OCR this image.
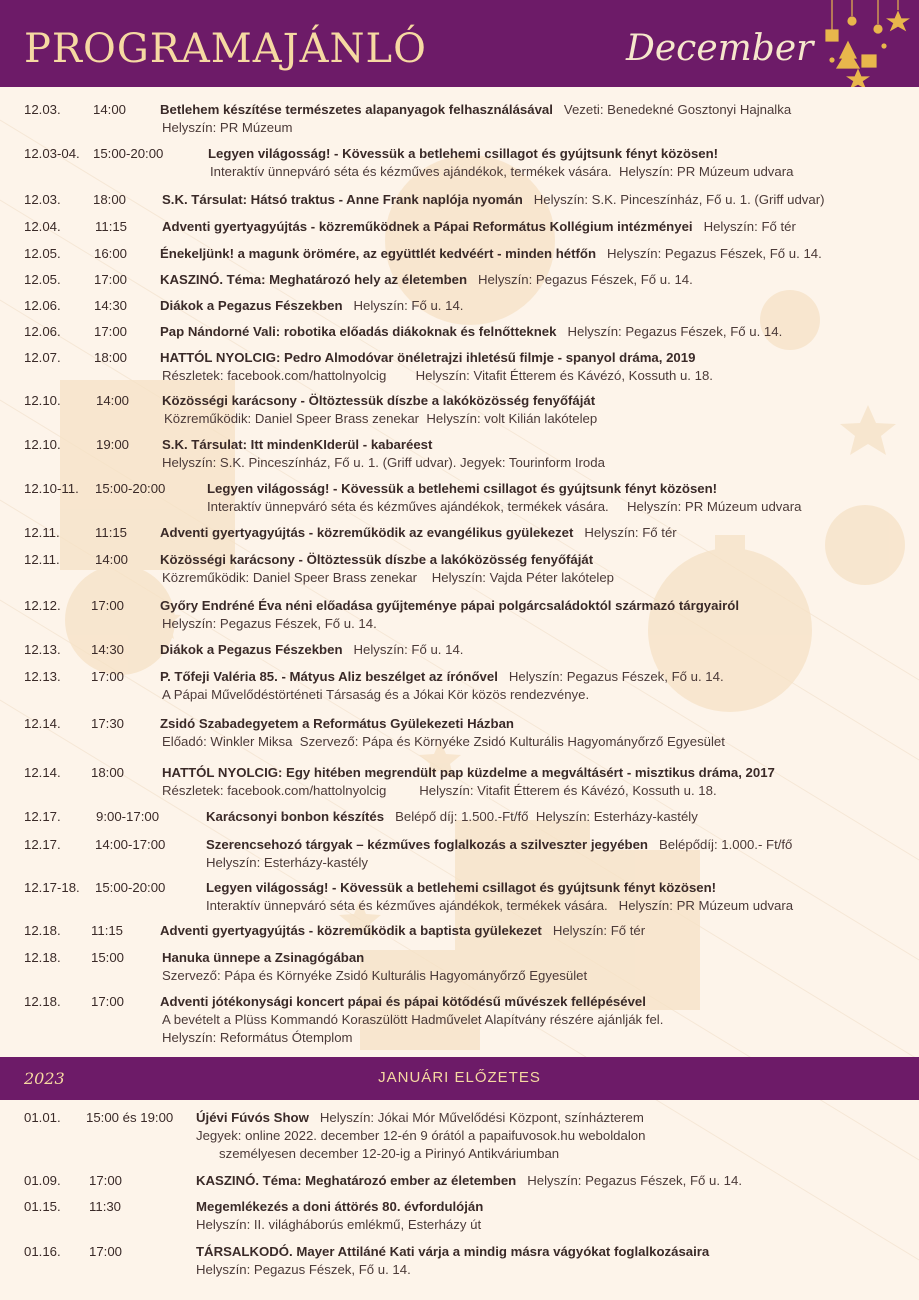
PROGRAMAJÁNLÓ	December
12.03. 14:00	Betlehem készítése természetes alapanyagok felhasználásával   Vezeti: Benedekné Gosztonyi Hajnalka
Helyszín: PR Múzeum
12.03-04. 15:00-20:00	Legyen világosság! - Kövessük a betlehemi csillagot és gyújtsunk fényt közösen!
Interaktív ünnepváró séta és kézműves ajándékok, termékek vására.  Helyszín: PR Múzeum udvara
12.03. 18:00	S.K. Társulat: Hátsó traktus - Anne Frank naplója nyomán   Helyszín: S.K. Pinceszínház, Fő u. 1. (Griff udvar)
12.04.	11:15	Adventi gyertyagyújtás - közreműködnek a Pápai Református Kollégium intézményei   Helyszín: Fő tér
12.05.	16:00 Énekeljünk! a magunk örömére, az együttlét kedvéért - minden hétfőn   Helyszín: Pegazus Fészek, Fő u. 14.
12.05.	17:00 KASZINÓ. Téma: Meghatározó hely az életemben   Helyszín: Pegazus Fészek, Fő u. 14.
12.06.	14:30 Diákok a Pegazus Fészekben   Helyszín: Fő u. 14.
12.06.	17:00 Pap Nándorné Vali: robotika előadás diákoknak és felnőtteknek   Helyszín: Pegazus Fészek, Fő u. 14.
12.07.	18:00 HATTÓL NYOLCIG: Pedro Almodóvar önéletrajzi ihletésű filmje - spanyol dráma, 2019
Részletek: facebook.com/hattolnyolcig        Helyszín: Vitafit Étterem és Kávézó, Kossuth u. 18.
12.10.	14:00 Közösségi karácsony - Öltöztessük díszbe a lakóközösség fenyőfáját
Közreműködik: Daniel Speer Brass zenekar  Helyszín: volt Kilián lakótelep
12.10.	19:00 S.K. Társulat: Itt mindenKIderül - kabaréest
Helyszín: S.K. Pinceszínház, Fő u. 1. (Griff udvar). Jegyek: Tourinform Iroda
12.10-11. 15:00-20:00	Legyen világosság! - Kövessük a betlehemi csillagot és gyújtsunk fényt közösen!
Interaktív ünnepváró séta és kézműves ajándékok, termékek vására.     Helyszín: PR Múzeum udvara
12.11.	11:15 Adventi gyertyagyújtás - közreműködik az evangélikus gyülekezet   Helyszín: Fő tér
12.11.	14:00 Közösségi karácsony - Öltöztessük díszbe a lakóközösség fenyőfáját
Közreműködik: Daniel Speer Brass zenekar    Helyszín: Vajda Péter lakótelep
12.12. 17:00	Győry Endréné Éva néni előadása gyűjteménye pápai polgárcsaládoktól származó tárgyairól
Helyszín: Pegazus Fészek, Fő u. 14.
12.13. 14:30	Diákok a Pegazus Fészekben   Helyszín: Fő u. 14.
12.13. 17:00	P. Tőfeji Valéria 85. - Mátyus Aliz beszélget az írónővel   Helyszín: Pegazus Fészek, Fő u. 14.
A Pápai Művelődéstörténeti Társaság és a Jókai Kör közös rendezvénye.
12.14. 17:30	Zsidó Szabadegyetem a Református Gyülekezeti Házban
Előadó: Winkler Miksa  Szervező: Pápa és Környéke Zsidó Kulturális Hagyományőrző Egyesület
12.14. 18:00	HATTÓL NYOLCIG: Egy hitében megrendült pap küzdelme a megváltásért - misztikus dráma, 2017
Részletek: facebook.com/hattolnyolcig         Helyszín: Vitafit Étterem és Kávézó, Kossuth u. 18.
12.17.	9:00-17:00	Karácsonyi bonbon készítés   Belépő díj: 1.500.-Ft/fő  Helyszín: Esterházy-kastély
12.17.	14:00-17:00	Szerencsehozó tárgyak – kézműves foglalkozás a szilveszter jegyében   Belépődíj: 1.000.- Ft/fő
Helyszín: Esterházy-kastély
12.17-18. 15:00-20:00	Legyen világosság! - Kövessük a betlehemi csillagot és gyújtsunk fényt közösen!
Interaktív ünnepváró séta és kézműves ajándékok, termékek vására.   Helyszín: PR Múzeum udvara
12.18. 11:15	Adventi gyertyagyújtás - közreműködik a baptista gyülekezet   Helyszín: Fő tér
12.18. 15:00	Hanuka ünnepe a Zsinagógában
Szervező: Pápa és Környéke Zsidó Kulturális Hagyományőrző Egyesület
12.18. 17:00	Adventi jótékonysági koncert pápai és pápai kötődésű művészek fellépésével
A bevételt a Plüss Kommandó Koraszülött Hadművelet Alapítvány részére ajánlják fel.
Helyszín: Református Ótemplom
2023	JANUÁRI ELŐZETES
01.01. 15:00 és 19:00 Újévi Fúvós Show   Helyszín: Jókai Mór Művelődési Központ, színházterem
Jegyek: online 2022. december 12-én 9 órától a papaifuvosok.hu weboldalon
személyesen december 12-20-ig a Pirinyó Antikváriumban
01.09. 17:00	KASZINÓ. Téma: Meghatározó ember az életemben   Helyszín: Pegazus Fészek, Fő u. 14.
01.15. 11:30	Megemlékezés a doni áttörés 80. évfordulóján
Helyszín: II. világháborús emlékmű, Esterházy út
01.16. 17:00	TÁRSALKODÓ. Mayer Attiláné Kati várja a mindig másra vágyókat foglalkozásaira
Helyszín: Pegazus Fészek, Fő u. 14.
